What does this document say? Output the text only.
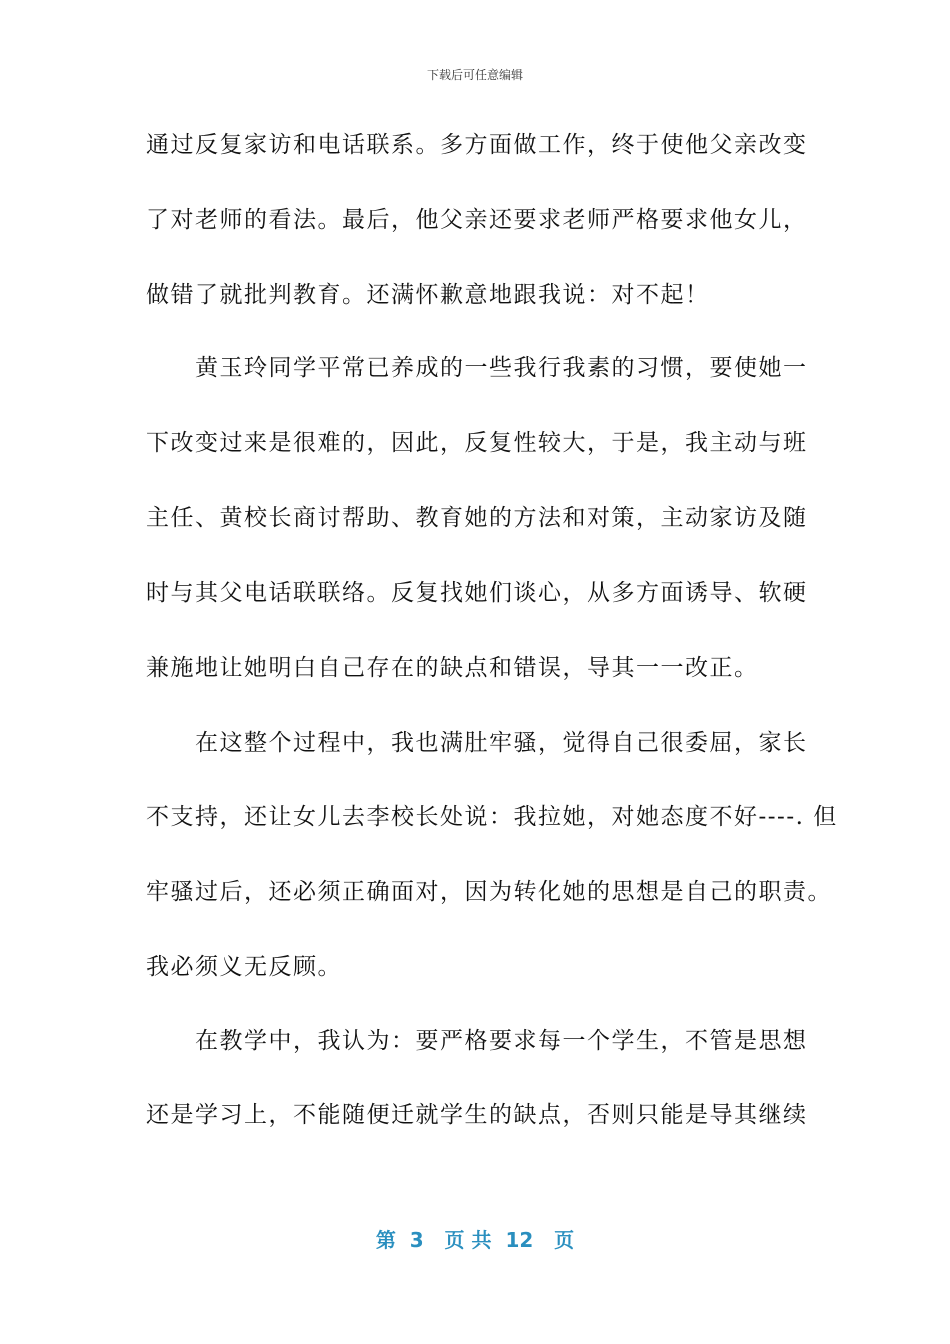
下载后可任意编辑
通过反复家访和电话联系。多方面做工作，终于使他父亲改变
了对老师的看法。最后，他父亲还要求老师严格要求他女儿，
做错了就批判教育。还满怀歉意地跟我说：对不起！
　　黄玉玲同学平常已养成的一些我行我素的习惯，要使她一
下改变过来是很难的，因此，反复性较大，于是，我主动与班
主任、黄校长商讨帮助、教育她的方法和对策，主动家访及随
时与其父电话联联络。反复找她们谈心，从多方面诱导、软硬
兼施地让她明白自己存在的缺点和错误，导其一一改正。
　　在这整个过程中，我也满肚牢骚，觉得自己很委屈，家长
不支持，还让女儿去李校长处说：我拉她，对她态度不好----. 但
牢骚过后，还必须正确面对，因为转化她的思想是自己的职责。
我必须义无反顾。
　　在教学中，我认为：要严格要求每一个学生，不管是思想
还是学习上，不能随便迁就学生的缺点，否则只能是导其继续
第  3   页 共  12   页
